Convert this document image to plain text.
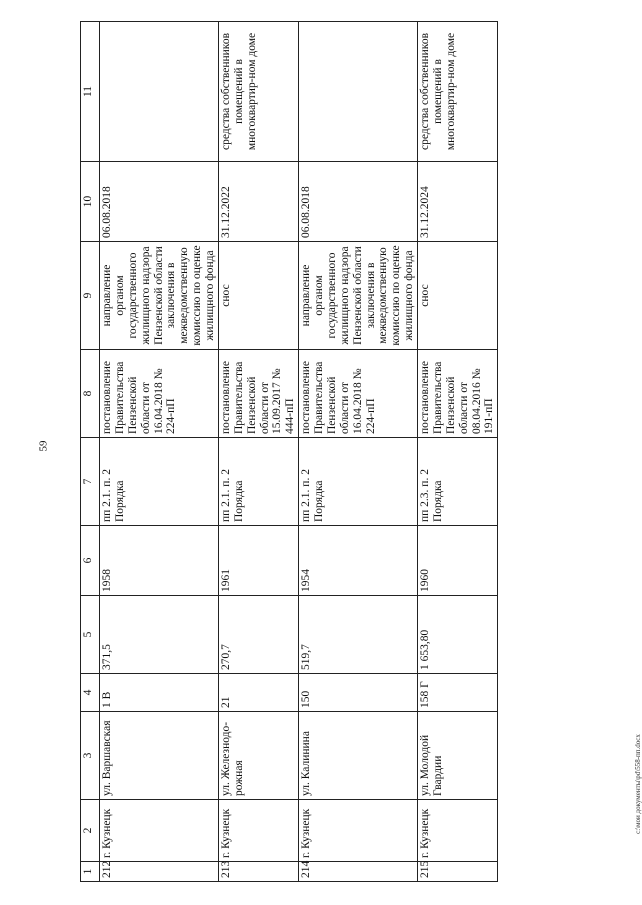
59
1	2	3	4	5	6	7	8	9	10	11
212	г. Кузнецк	ул. Варшавская	1 В	371,5	1958	пп 2.1. п. 2 Порядка	постановление Правительства Пензенской области от 16.04.2018 № 224-пП	направление органом государственного жилищного надзора Пензенской области заключения в межведомственную комиссию по оценке жилищного фонда	06.08.2018	
213	г. Кузнецк	ул. Железнодо-рожная	21	270,7	1961	пп 2.1. п. 2 Порядка	постановление Правительства Пензенской области от 15.09.2017 № 444-пП	снос	31.12.2022	средства собственников помещений в многоквартир-ном доме
214	г. Кузнецк	ул. Калинина	150	519,7	1954	пп 2.1. п. 2 Порядка	постановление Правительства Пензенской области от 16.04.2018 № 224-пП	направление органом государственного жилищного надзора Пензенской области заключения в межведомственную комиссию по оценке жилищного фонда	06.08.2018	
215	г. Кузнецк	ул. Молодой Гвардии	158 Г	1 653,80	1960	пп 2.3. п. 2 Порядка	постановление Правительства Пензенской области от 08.04.2016 № 191-пП	снос	31.12.2024	средства собственников помещений в многоквартир-ном доме
c:\мои документы\pd\558-пп.docx
